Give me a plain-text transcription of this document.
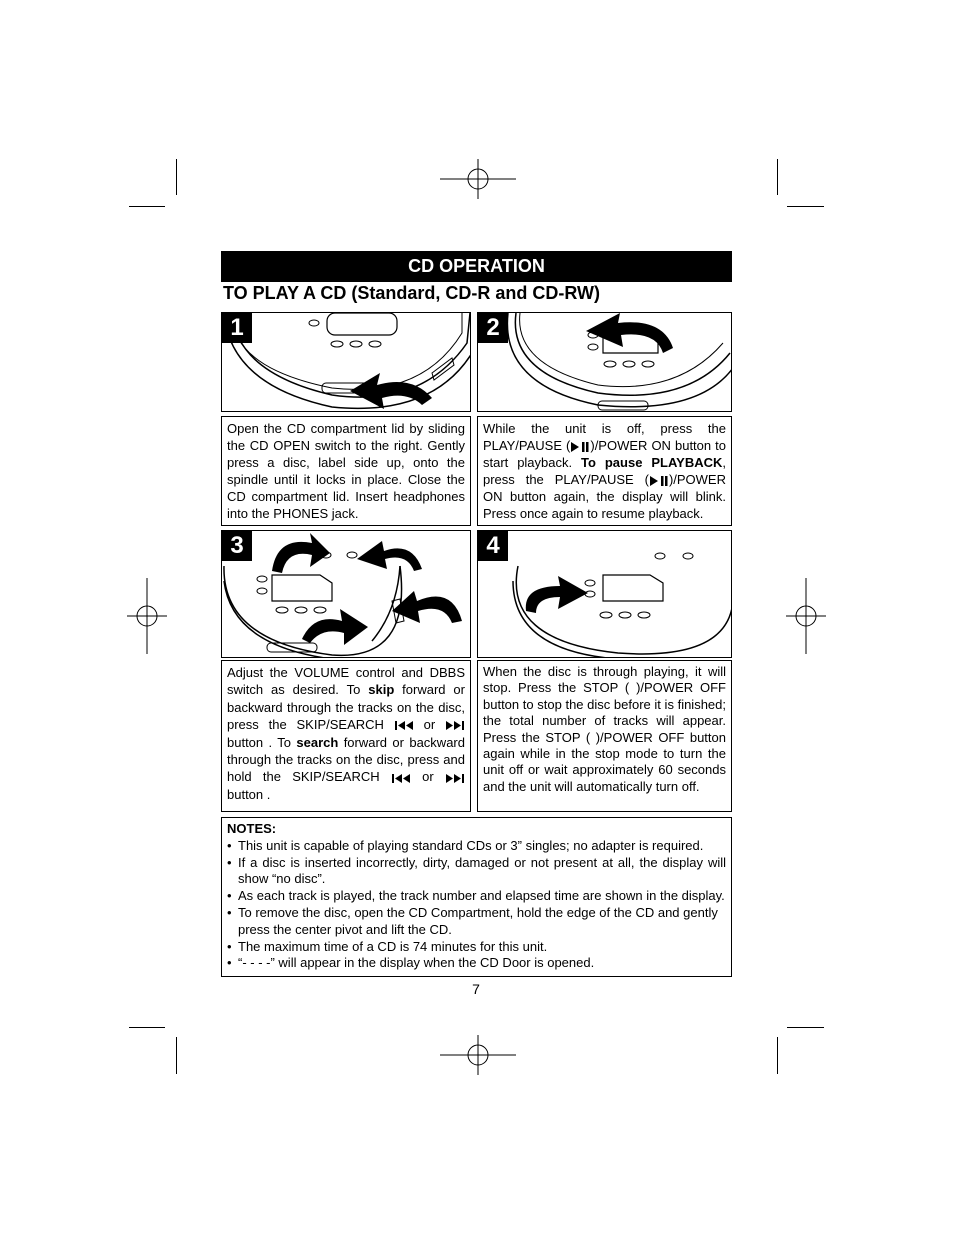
CD OPERATION
TO PLAY A CD (Standard, CD-R and CD-RW)
1	2

Open the CD compartment lid by sliding the CD OPEN switch to the right. Gently press a disc, label side up, onto the spindle until it locks in place. Close the CD compartment lid. Insert headphones into the PHONES jack.

While the unit is off, press the PLAY/PAUSE ( )/POWER ON button to start playback. To pause PLAYBACK, press the PLAY/PAUSE ( )/POWER ON button again, the display will blink. Press once again to resume playback.

3	4

Adjust the VOLUME control and DBBS switch as desired. To skip forward or backward through the tracks on the disc, press the SKIP/SEARCH  or  button . To search forward or backward through the tracks on the disc, press and hold the SKIP/SEARCH  or  button .

When the disc is through playing, it will stop. Press the STOP ( )/POWER OFF button to stop the disc before it is finished; the total number of tracks will appear. Press the STOP ( )/POWER OFF button again while in the stop mode to turn the unit off or wait approximately 60 seconds and the unit will automatically turn off.

NOTES:
• This unit is capable of playing standard CDs or 3” singles; no adapter is required.
• If a disc is inserted incorrectly, dirty, damaged or not present at all, the display will show “no disc”.
• As each track is played, the track number and elapsed time are shown in the display.
• To remove the disc, open the CD Compartment, hold the edge of the CD and gently press the center pivot and lift the CD.
• The maximum time of a CD is 74 minutes for this unit.
• “- - - -” will appear in the display when the CD Door is opened.
7
